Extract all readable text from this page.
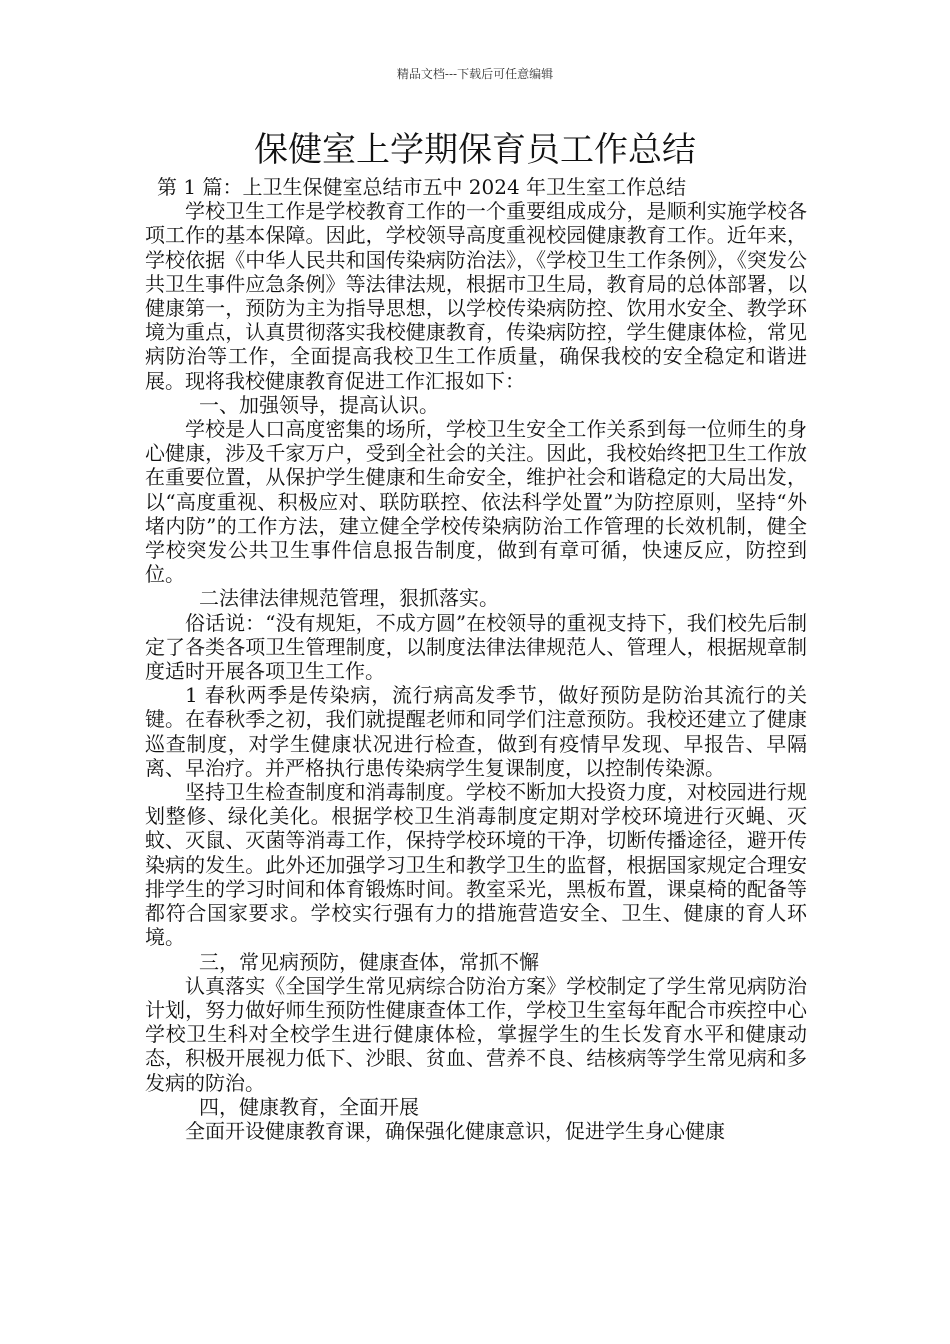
精品文档---下载后可任意编辑
保健室上学期保育员工作总结

第 1 篇：上卫生保健室总结市五中 2024 年卫生室工作总结

学校卫生工作是学校教育工作的一个重要组成成分，是顺利实施学校各项工作的基本保障。因此，学校领导高度重视校园健康教育工作。近年来，学校依据《中华人民共和国传染病防治法》，《学校卫生工作条例》，《突发公共卫生事件应急条例》等法律法规，根据市卫生局，教育局的总体部署，以健康第一，预防为主为指导思想，以学校传染病防控、饮用水安全、教学环境为重点，认真贯彻落实我校健康教育，传染病防控，学生健康体检，常见病防治等工作，全面提高我校卫生工作质量，确保我校的安全稳定和谐进展。现将我校健康教育促进工作汇报如下：

一、加强领导，提高认识。

学校是人口高度密集的场所，学校卫生安全工作关系到每一位师生的身心健康，涉及千家万户，受到全社会的关注。因此，我校始终把卫生工作放在重要位置，从保护学生健康和生命安全，维护社会和谐稳定的大局出发，以“高度重视、积极应对、联防联控、依法科学处置”为防控原则，坚持“外堵内防”的工作方法，建立健全学校传染病防治工作管理的长效机制，健全学校突发公共卫生事件信息报告制度，做到有章可循，快速反应，防控到位。

二法律法律规范管理，狠抓落实。

俗话说：“没有规矩，不成方圆”在校领导的重视支持下，我们校先后制定了各类各项卫生管理制度，以制度法律法律规范人、管理人，根据规章制度适时开展各项卫生工作。

1 春秋两季是传染病，流行病高发季节，做好预防是防治其流行的关键。在春秋季之初，我们就提醒老师和同学们注意预防。我校还建立了健康巡查制度，对学生健康状况进行检查，做到有疫情早发现、早报告、早隔离、早治疗。并严格执行患传染病学生复课制度，以控制传染源。

坚持卫生检查制度和消毒制度。学校不断加大投资力度，对校园进行规划整修、绿化美化。根据学校卫生消毒制度定期对学校环境进行灭蝇、灭蚊、灭鼠、灭菌等消毒工作，保持学校环境的干净，切断传播途径，避开传染病的发生。此外还加强学习卫生和教学卫生的监督，根据国家规定合理安排学生的学习时间和体育锻炼时间。教室采光，黑板布置，课桌椅的配备等都符合国家要求。学校实行强有力的措施营造安全、卫生、健康的育人环境。

三，常见病预防，健康查体，常抓不懈

认真落实《全国学生常见病综合防治方案》学校制定了学生常见病防治计划，努力做好师生预防性健康查体工作，学校卫生室每年配合市疾控中心学校卫生科对全校学生进行健康体检，掌握学生的生长发育水平和健康动态，积极开展视力低下、沙眼、贫血、营养不良、结核病等学生常见病和多发病的防治。

四，健康教育，全面开展

全面开设健康教育课，确保强化健康意识，促进学生身心健康
